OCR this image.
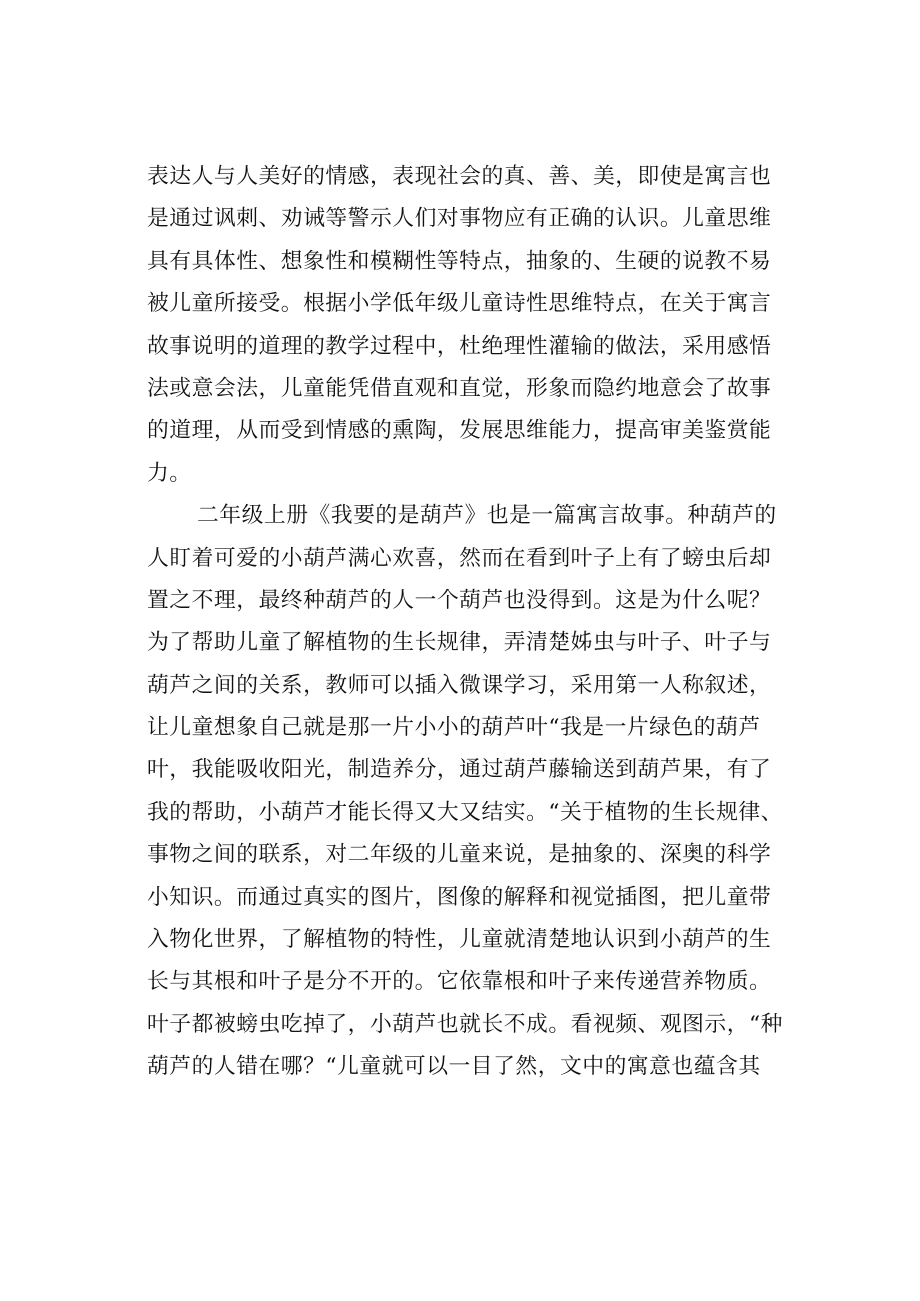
表达人与人美好的情感，表现社会的真、善、美，即使是寓言也
是通过讽刺、劝诫等警示人们对事物应有正确的认识。儿童思维
具有具体性、想象性和模糊性等特点，抽象的、生硬的说教不易
被儿童所接受。根据小学低年级儿童诗性思维特点，在关于寓言
故事说明的道理的教学过程中，杜绝理性灌输的做法，采用感悟
法或意会法，儿童能凭借直观和直觉，形象而隐约地意会了故事
的道理，从而受到情感的熏陶，发展思维能力，提高审美鉴赏能
力。
二年级上册《我要的是葫芦》也是一篇寓言故事。种葫芦的
人盯着可爱的小葫芦满心欢喜，然而在看到叶子上有了螃虫后却
置之不理，最终种葫芦的人一个葫芦也没得到。这是为什么呢？
为了帮助儿童了解植物的生长规律，弄清楚姊虫与叶子、叶子与
葫芦之间的关系，教师可以插入微课学习，采用第一人称叙述，
让儿童想象自己就是那一片小小的葫芦叶“我是一片绿色的葫芦
叶，我能吸收阳光，制造养分，通过葫芦藤输送到葫芦果，有了
我的帮助，小葫芦才能长得又大又结实。“关于植物的生长规律、
事物之间的联系，对二年级的儿童来说，是抽象的、深奥的科学
小知识。而通过真实的图片，图像的解释和视觉插图，把儿童带
入物化世界，了解植物的特性，儿童就清楚地认识到小葫芦的生
长与其根和叶子是分不开的。它依靠根和叶子来传递营养物质。
叶子都被螃虫吃掉了，小葫芦也就长不成。看视频、观图示，“种
葫芦的人错在哪？“儿童就可以一目了然，文中的寓意也蕴含其
